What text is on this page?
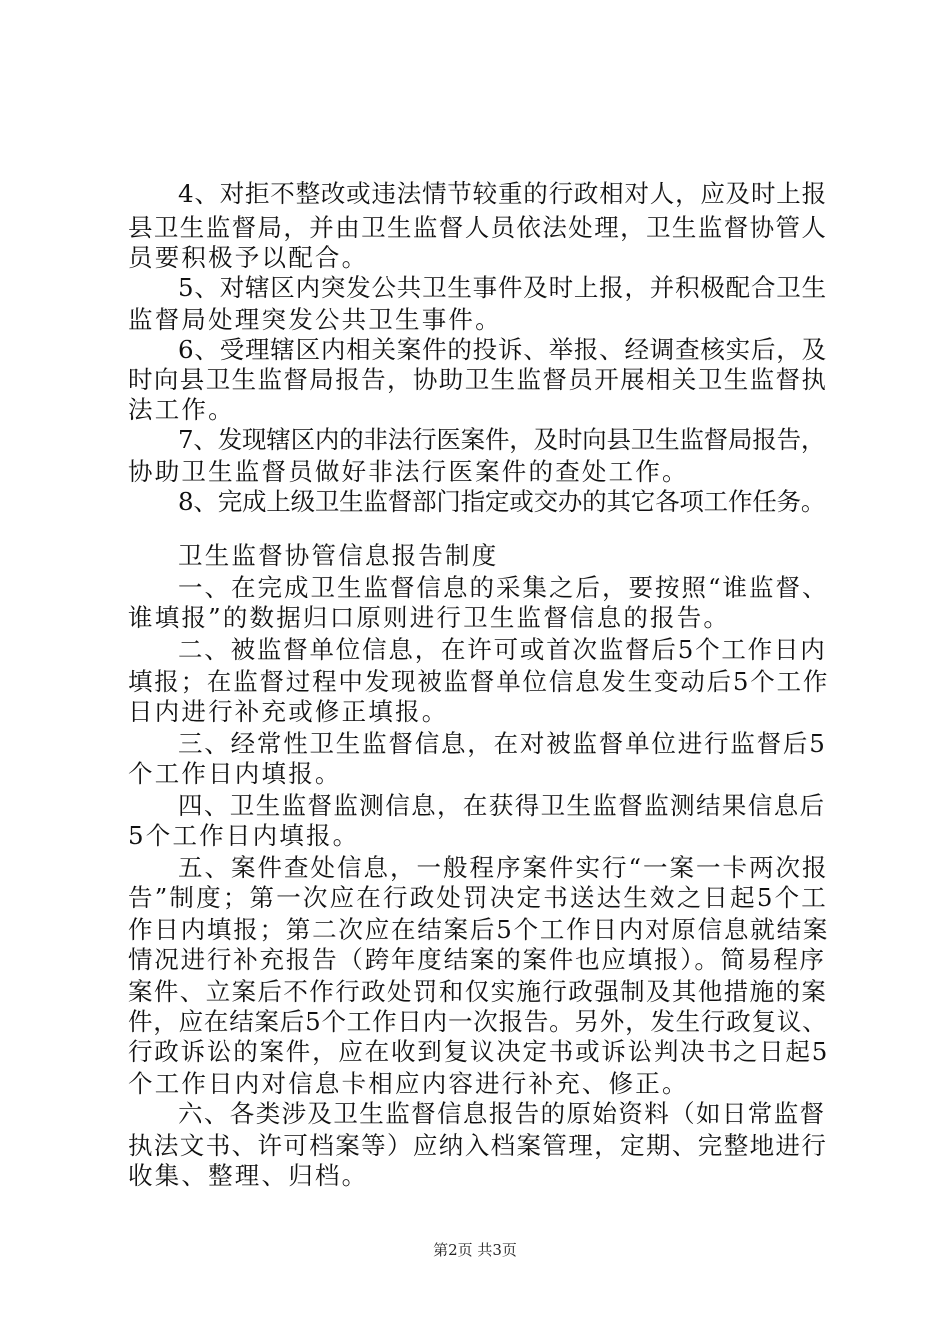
4、对拒不整改或违法情节较重的行政相对人，应及时上报
县卫生监督局，并由卫生监督人员依法处理，卫生监督协管人
员要积极予以配合。
5、对辖区内突发公共卫生事件及时上报，并积极配合卫生
监督局处理突发公共卫生事件。
6、受理辖区内相关案件的投诉、举报、经调查核实后，及
时向县卫生监督局报告，协助卫生监督员开展相关卫生监督执
法工作。
7、发现辖区内的非法行医案件，及时向县卫生监督局报告，
协助卫生监督员做好非法行医案件的查处工作。
8、完成上级卫生监督部门指定或交办的其它各项工作任务。
卫生监督协管信息报告制度
一、在完成卫生监督信息的采集之后，要按照“谁监督、
谁填报”的数据归口原则进行卫生监督信息的报告。
二、被监督单位信息，在许可或首次监督后5个工作日内
填报；在监督过程中发现被监督单位信息发生变动后5个工作
日内进行补充或修正填报。
三、经常性卫生监督信息，在对被监督单位进行监督后5
个工作日内填报。
四、卫生监督监测信息，在获得卫生监督监测结果信息后
5个工作日内填报。
五、案件查处信息，一般程序案件实行“一案一卡两次报
告”制度；第一次应在行政处罚决定书送达生效之日起5个工
作日内填报；第二次应在结案后5个工作日内对原信息就结案
情况进行补充报告（跨年度结案的案件也应填报）。简易程序
案件、立案后不作行政处罚和仅实施行政强制及其他措施的案
件，应在结案后5个工作日内一次报告。另外，发生行政复议、
行政诉讼的案件，应在收到复议决定书或诉讼判决书之日起5
个工作日内对信息卡相应内容进行补充、修正。
六、各类涉及卫生监督信息报告的原始资料（如日常监督
执法文书、许可档案等）应纳入档案管理，定期、完整地进行
收集、整理、归档。
第2页 共3页
